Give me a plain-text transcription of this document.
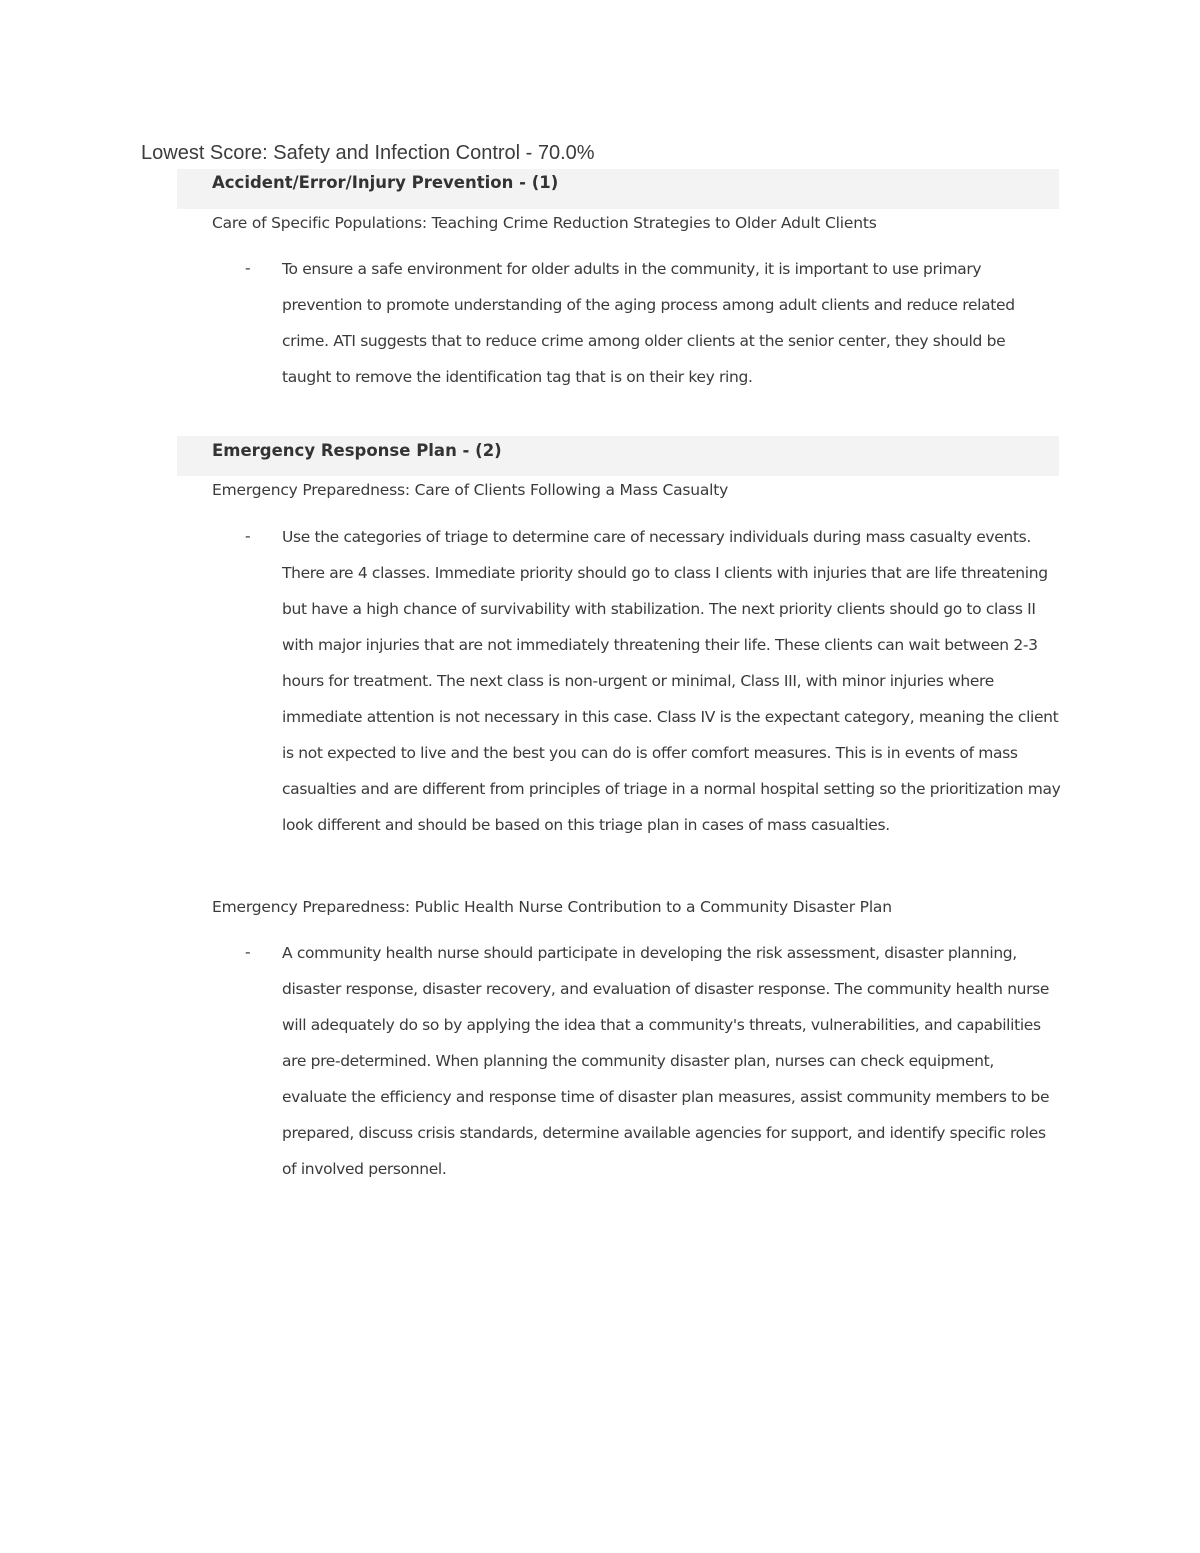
Lowest Score: Safety and Infection Control - 70.0%
Accident/Error/Injury Prevention - (1)
Care of Specific Populations: Teaching Crime Reduction Strategies to Older Adult Clients
- To ensure a safe environment for older adults in the community, it is important to use primary prevention to promote understanding of the aging process among adult clients and reduce related crime. ATI suggests that to reduce crime among older clients at the senior center, they should be taught to remove the identification tag that is on their key ring.

Emergency Response Plan - (2)
Emergency Preparedness: Care of Clients Following a Mass Casualty
- Use the categories of triage to determine care of necessary individuals during mass casualty events. There are 4 classes. Immediate priority should go to class I clients with injuries that are life threatening but have a high chance of survivability with stabilization. The next priority clients should go to class II with major injuries that are not immediately threatening their life. These clients can wait between 2-3 hours for treatment. The next class is non-urgent or minimal, Class III, with minor injuries where immediate attention is not necessary in this case. Class IV is the expectant category, meaning the client is not expected to live and the best you can do is offer comfort measures. This is in events of mass casualties and are different from principles of triage in a normal hospital setting so the prioritization may look different and should be based on this triage plan in cases of mass casualties.

Emergency Preparedness: Public Health Nurse Contribution to a Community Disaster Plan
- A community health nurse should participate in developing the risk assessment, disaster planning, disaster response, disaster recovery, and evaluation of disaster response. The community health nurse will adequately do so by applying the idea that a community's threats, vulnerabilities, and capabilities are pre-determined. When planning the community disaster plan, nurses can check equipment, evaluate the efficiency and response time of disaster plan measures, assist community members to be prepared, discuss crisis standards, determine available agencies for support, and identify specific roles of involved personnel.
